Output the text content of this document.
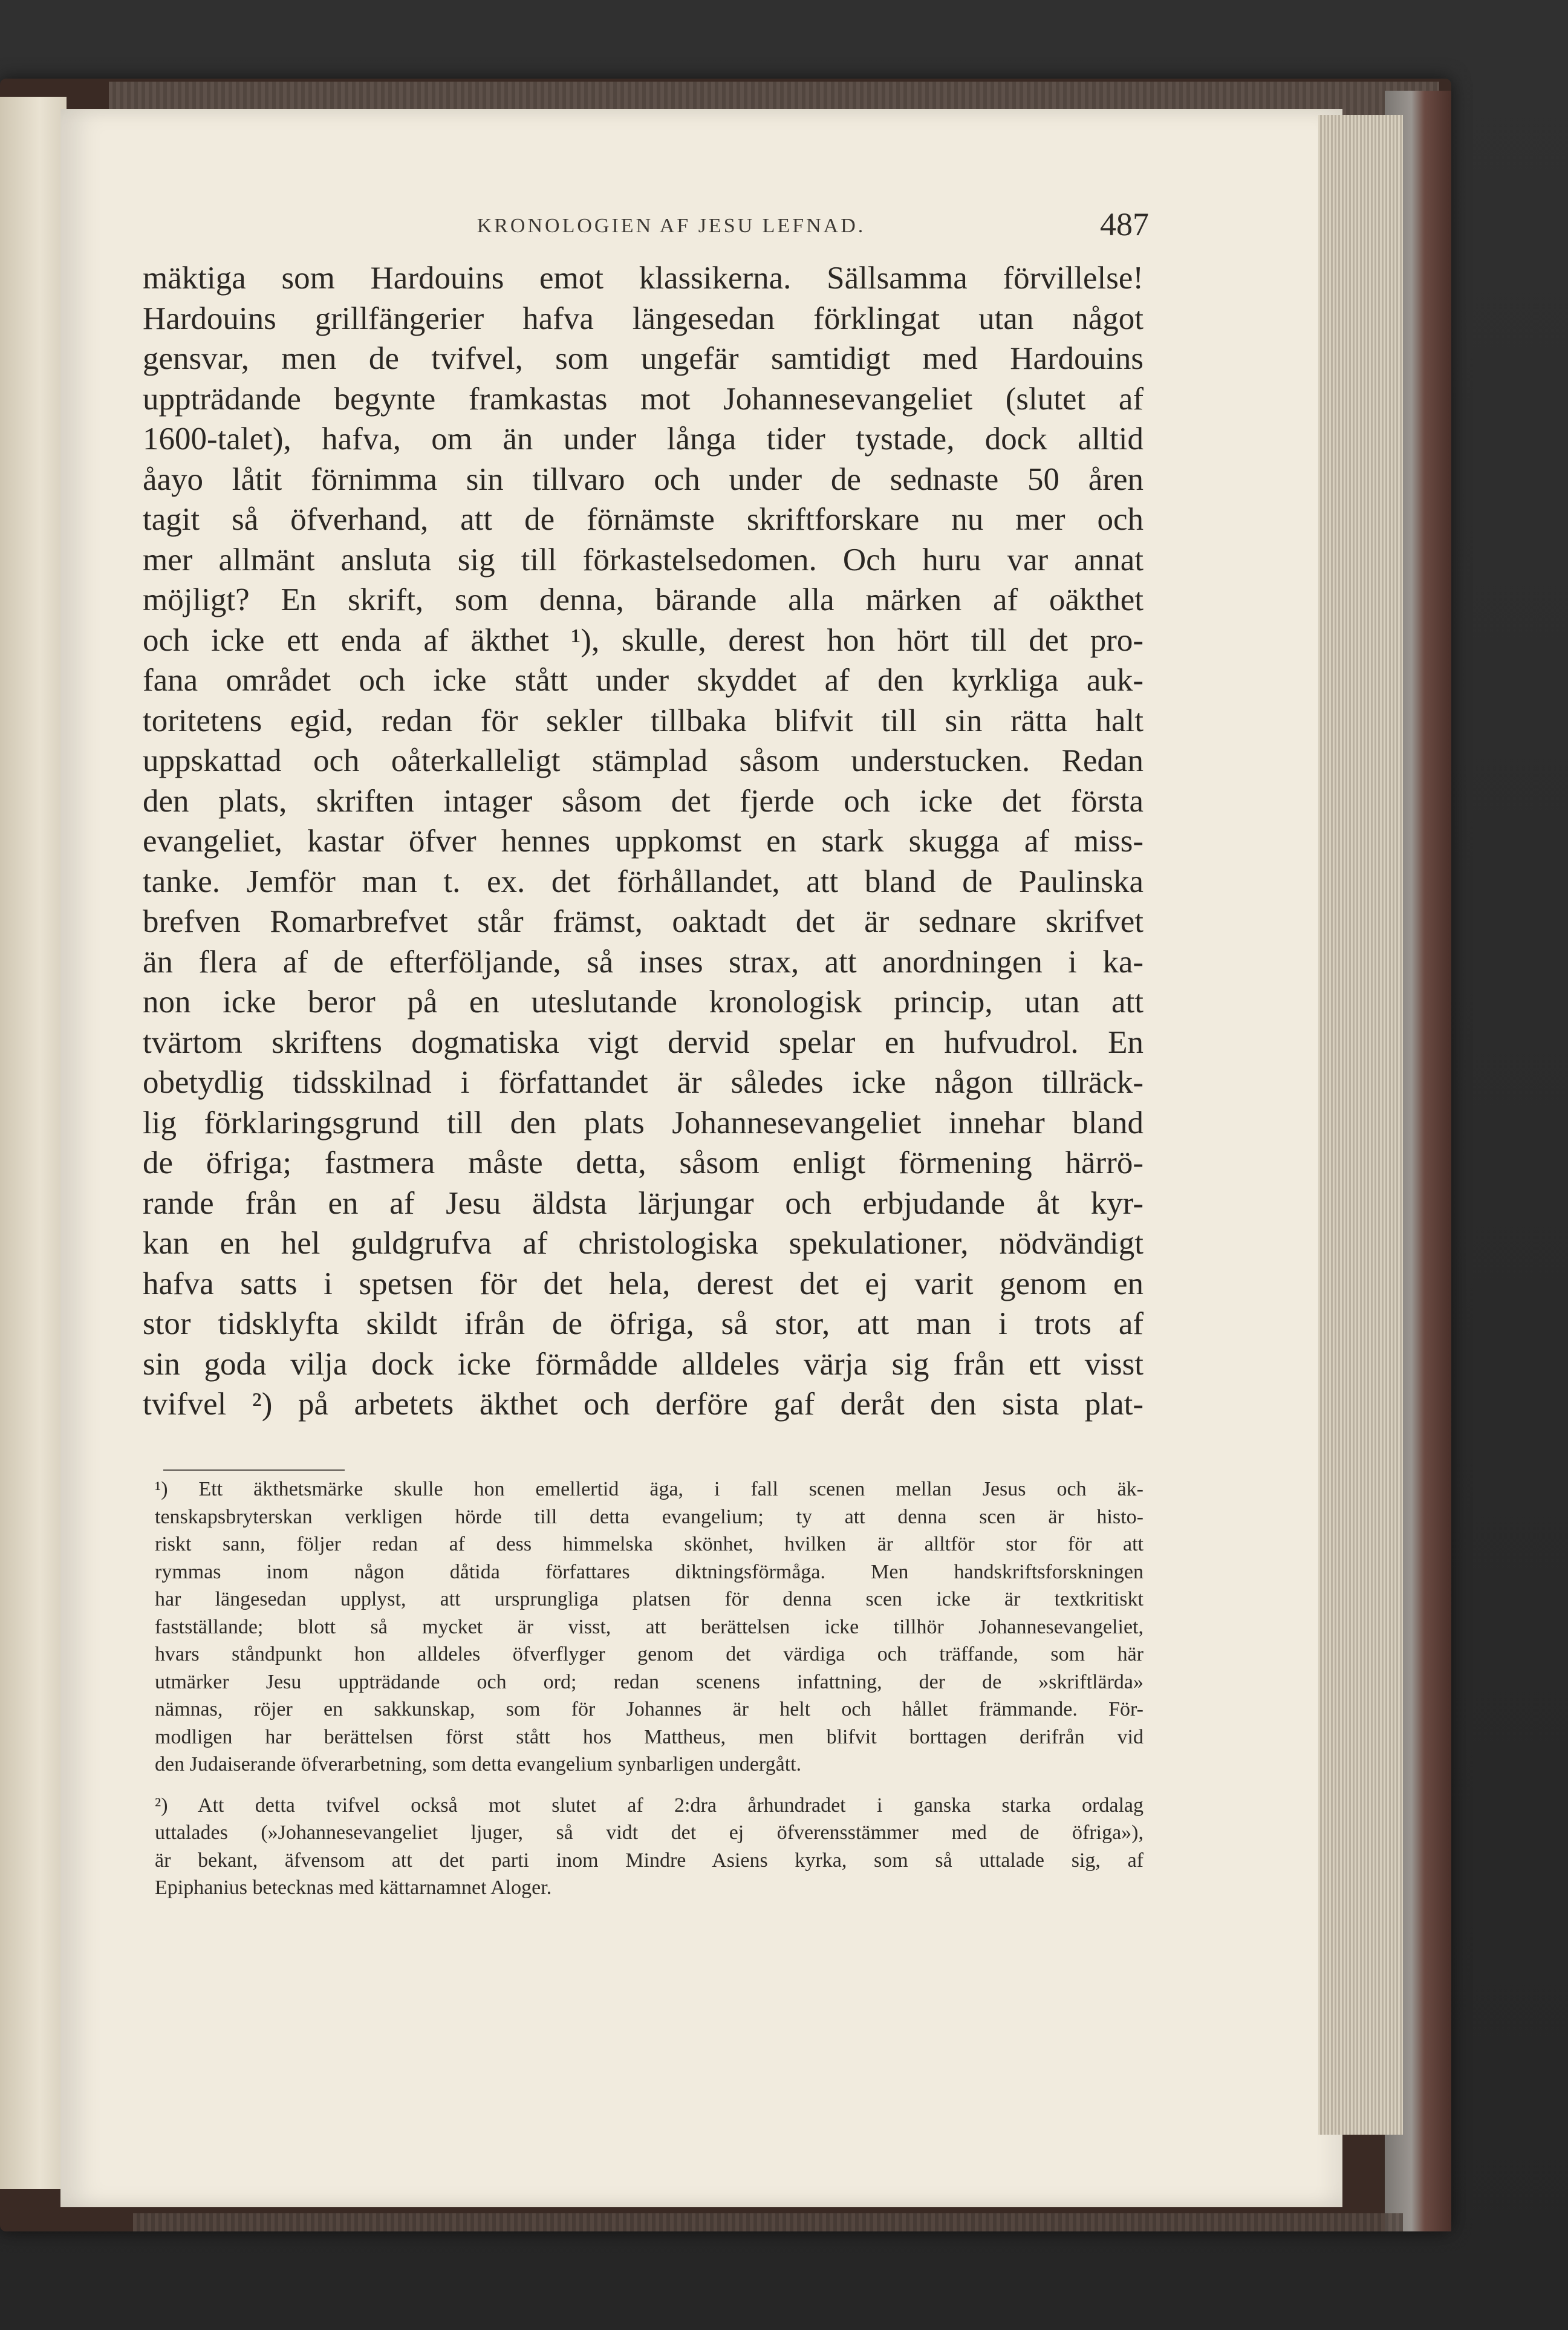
KRONOLOGIEN AF JESU LEFNAD.	487
mäktiga som Hardouins emot klassikerna. Sällsamma förvillelse!
Hardouins grillfängerier hafva längesedan förklingat utan något
gensvar, men de tvifvel, som ungefär samtidigt med Hardouins
uppträdande begynte framkastas mot Johannesevangeliet (slutet af
1600-talet), hafva, om än under långa tider tystade, dock alltid
åayo låtit förnimma sin tillvaro och under de sednaste 50 åren
tagit så öfverhand, att de förnämste skriftforskare nu mer och
mer allmänt ansluta sig till förkastelsedomen. Och huru var annat
möjligt? En skrift, som denna, bärande alla märken af oäkthet
och icke ett enda af äkthet ¹), skulle, derest hon hört till det pro-
fana området och icke stått under skyddet af den kyrkliga auk-
toritetens egid, redan för sekler tillbaka blifvit till sin rätta halt
uppskattad och oåterkalleligt stämplad såsom understucken. Redan
den plats, skriften intager såsom det fjerde och icke det första
evangeliet, kastar öfver hennes uppkomst en stark skugga af miss-
tanke. Jemför man t. ex. det förhållandet, att bland de Paulinska
brefven Romarbrefvet står främst, oaktadt det är sednare skrifvet
än flera af de efterföljande, så inses strax, att anordningen i ka-
non icke beror på en uteslutande kronologisk princip, utan att
tvärtom skriftens dogmatiska vigt dervid spelar en hufvudrol. En
obetydlig tidsskilnad i författandet är således icke någon tillräck-
lig förklaringsgrund till den plats Johannesevangeliet innehar bland
de öfriga; fastmera måste detta, såsom enligt förmening härrö-
rande från en af Jesu äldsta lärjungar och erbjudande åt kyr-
kan en hel guldgrufva af christologiska spekulationer, nödvändigt
hafva satts i spetsen för det hela, derest det ej varit genom en
stor tidsklyfta skildt ifrån de öfriga, så stor, att man i trots af
sin goda vilja dock icke förmådde alldeles värja sig från ett visst
tvifvel ²) på arbetets äkthet och derföre gaf deråt den sista plat-
¹) Ett äkthetsmärke skulle hon emellertid äga, i fall scenen mellan Jesus och äk-
tenskapsbryterskan verkligen hörde till detta evangelium; ty att denna scen är histo-
riskt sann, följer redan af dess himmelska skönhet, hvilken är alltför stor för att
rymmas inom någon dåtida författares diktningsförmåga. Men handskriftsforskningen
har längesedan upplyst, att ursprungliga platsen för denna scen icke är textkritiskt
fastställande; blott så mycket är visst, att berättelsen icke tillhör Johannesevangeliet,
hvars ståndpunkt hon alldeles öfverflyger genom det värdiga och träffande, som här
utmärker Jesu uppträdande och ord; redan scenens infattning, der de »skriftlärda»
nämnas, röjer en sakkunskap, som för Johannes är helt och hållet främmande. För-
modligen har berättelsen först stått hos Mattheus, men blifvit borttagen derifrån vid
den Judaiserande öfverarbetning, som detta evangelium synbarligen undergått.
²) Att detta tvifvel också mot slutet af 2:dra århundradet i ganska starka ordalag
uttalades (»Johannesevangeliet ljuger, så vidt det ej öfverensstämmer med de öfriga»),
är bekant, äfvensom att det parti inom Mindre Asiens kyrka, som så uttalade sig, af
Epiphanius betecknas med kättarnamnet Aloger.
